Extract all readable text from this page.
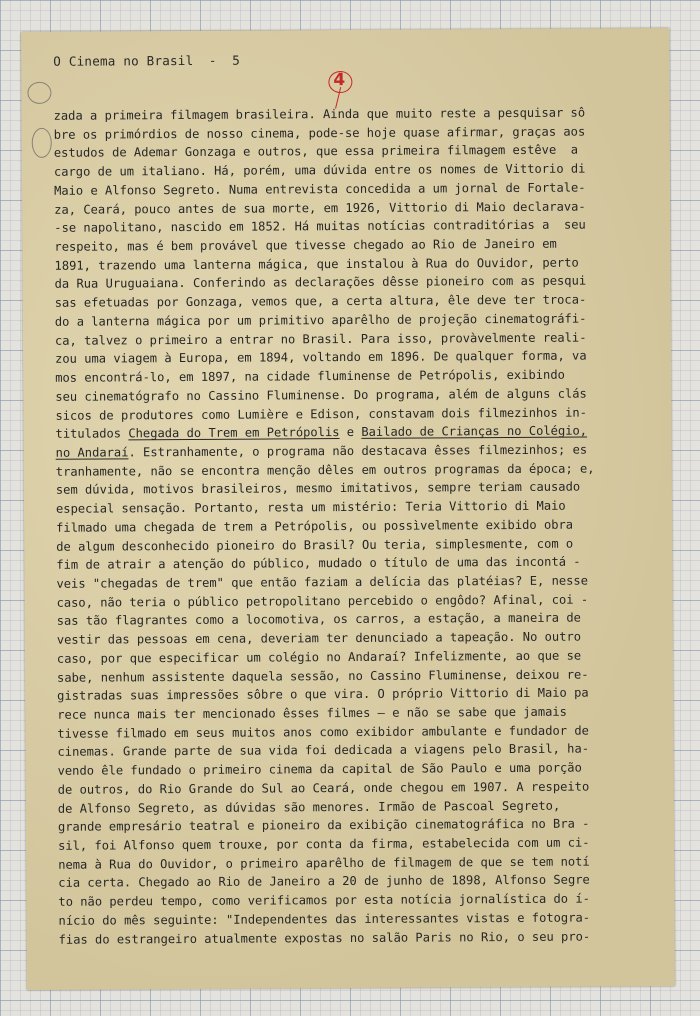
O Cinema no Brasil  -  5
4
zada a primeira filmagem brasileira. Ainda que muito reste a pesquisar sô
bre os primórdios de nosso cinema, pode-se hoje quase afirmar, graças aos
estudos de Ademar Gonzaga e outros, que essa primeira filmagem estêve  a
cargo de um italiano. Há, porém, uma dúvida entre os nomes de Vittorio di
Maio e Alfonso Segreto. Numa entrevista concedida a um jornal de Fortale-
za, Ceará, pouco antes de sua morte, em 1926, Vittorio di Maio declarava-
-se napolitano, nascido em 1852. Há muitas notícias contraditórias a  seu
respeito, mas é bem provável que tivesse chegado ao Rio de Janeiro em
1891, trazendo uma lanterna mágica, que instalou à Rua do Ouvidor, perto
da Rua Uruguaiana. Conferindo as declarações dêsse pioneiro com as pesqui
sas efetuadas por Gonzaga, vemos que, a certa altura, êle deve ter troca-
do a lanterna mágica por um primitivo aparêlho de projeção cinematográfi-
ca, talvez o primeiro a entrar no Brasil. Para isso, provàvelmente reali-
zou uma viagem à Europa, em 1894, voltando em 1896. De qualquer forma, va
mos encontrá-lo, em 1897, na cidade fluminense de Petrópolis, exibindo
seu cinematógrafo no Cassino Fluminense. Do programa, além de alguns clás
sicos de produtores como Lumière e Edison, constavam dois filmezinhos in-
titulados Chegada do Trem em Petrópolis e Bailado de Crianças no Colégio,
no Andaraí. Estranhamente, o programa não destacava êsses filmezinhos; es
tranhamente, não se encontra menção dêles em outros programas da época; e,
sem dúvida, motivos brasileiros, mesmo imitativos, sempre teriam causado
especial sensação. Portanto, resta um mistério: Teria Vittorio di Maio
filmado uma chegada de trem a Petrópolis, ou possìvelmente exibido obra
de algum desconhecido pioneiro do Brasil? Ou teria, simplesmente, com o
fim de atrair a atenção do público, mudado o título de uma das incontá -
veis "chegadas de trem" que então faziam a delícia das platéias? E, nesse
caso, não teria o público petropolitano percebido o engôdo? Afinal, coi -
sas tão flagrantes como a locomotiva, os carros, a estação, a maneira de
vestir das pessoas em cena, deveriam ter denunciado a tapeação. No outro
caso, por que especificar um colégio no Andaraí? Infelizmente, ao que se
sabe, nenhum assistente daquela sessão, no Cassino Fluminense, deixou re-
gistradas suas impressões sôbre o que vira. O próprio Vittorio di Maio pa
rece nunca mais ter mencionado êsses filmes — e não se sabe que jamais
tivesse filmado em seus muitos anos como exibidor ambulante e fundador de
cinemas. Grande parte de sua vida foi dedicada a viagens pelo Brasil, ha-
vendo êle fundado o primeiro cinema da capital de São Paulo e uma porção
de outros, do Rio Grande do Sul ao Ceará, onde chegou em 1907. A respeito
de Alfonso Segreto, as dúvidas são menores. Irmão de Pascoal Segreto,
grande empresário teatral e pioneiro da exibição cinematográfica no Bra -
sil, foi Alfonso quem trouxe, por conta da firma, estabelecida com um ci-
nema à Rua do Ouvidor, o primeiro aparêlho de filmagem de que se tem notí
cia certa. Chegado ao Rio de Janeiro a 20 de junho de 1898, Alfonso Segre
to não perdeu tempo, como verificamos por esta notícia jornalística do í-
nício do mês seguinte: "Independentes das interessantes vistas e fotogra-
fias do estrangeiro atualmente expostas no salão Paris no Rio, o seu pro-
